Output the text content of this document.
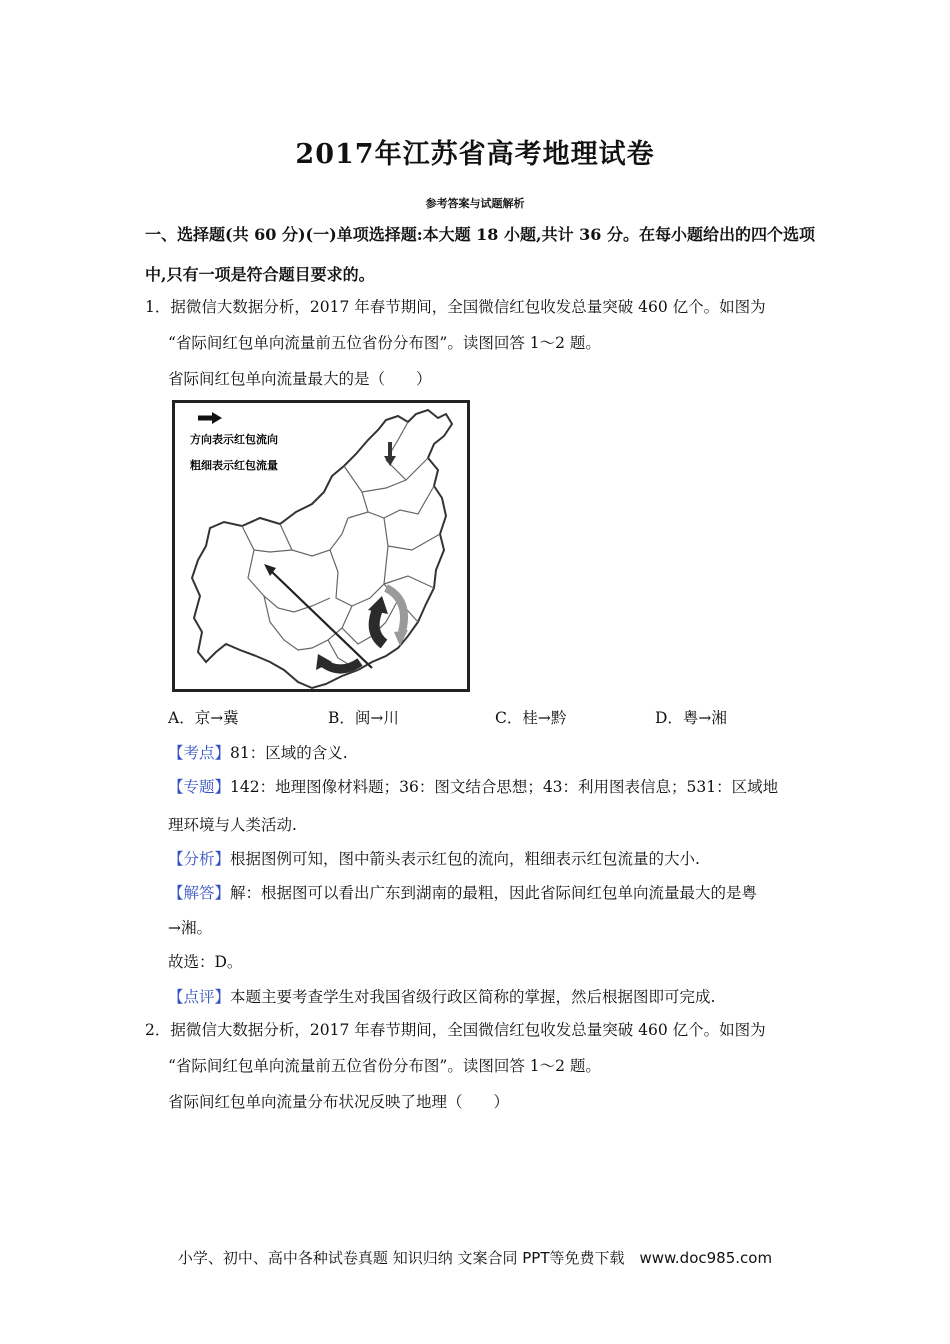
2017年江苏省高考地理试卷
参考答案与试题解析
一、选择题(共 60 分)(一)单项选择题:本大题 18 小题,共计 36 分。在每小题给出的四个选项
中,只有一项是符合题目要求的。
1．据微信大数据分析，2017 年春节期间，全国微信红包收发总量突破 460 亿个。如图为
“省际间红包单向流量前五位省份分布图”。读图回答 1～2 题。
省际间红包单向流量最大的是（　　）
方向表示红包流向
粗细表示红包流量
A．京→冀	B．闽→川	C．桂→黔	D．粤→湘
【考点】81：区域的含义.
【专题】142：地理图像材料题；36：图文结合思想；43：利用图表信息；531：区域地
理环境与人类活动.
【分析】根据图例可知，图中箭头表示红包的流向，粗细表示红包流量的大小.
【解答】解：根据图可以看出广东到湖南的最粗，因此省际间红包单向流量最大的是粤
→湘。
故选：D。
【点评】本题主要考查学生对我国省级行政区简称的掌握，然后根据图即可完成.
2．据微信大数据分析，2017 年春节期间，全国微信红包收发总量突破 460 亿个。如图为
“省际间红包单向流量前五位省份分布图”。读图回答 1～2 题。
省际间红包单向流量分布状况反映了地理（　　）
小学、初中、高中各种试卷真题 知识归纳 文案合同 PPT等免费下载　www.doc985.com
